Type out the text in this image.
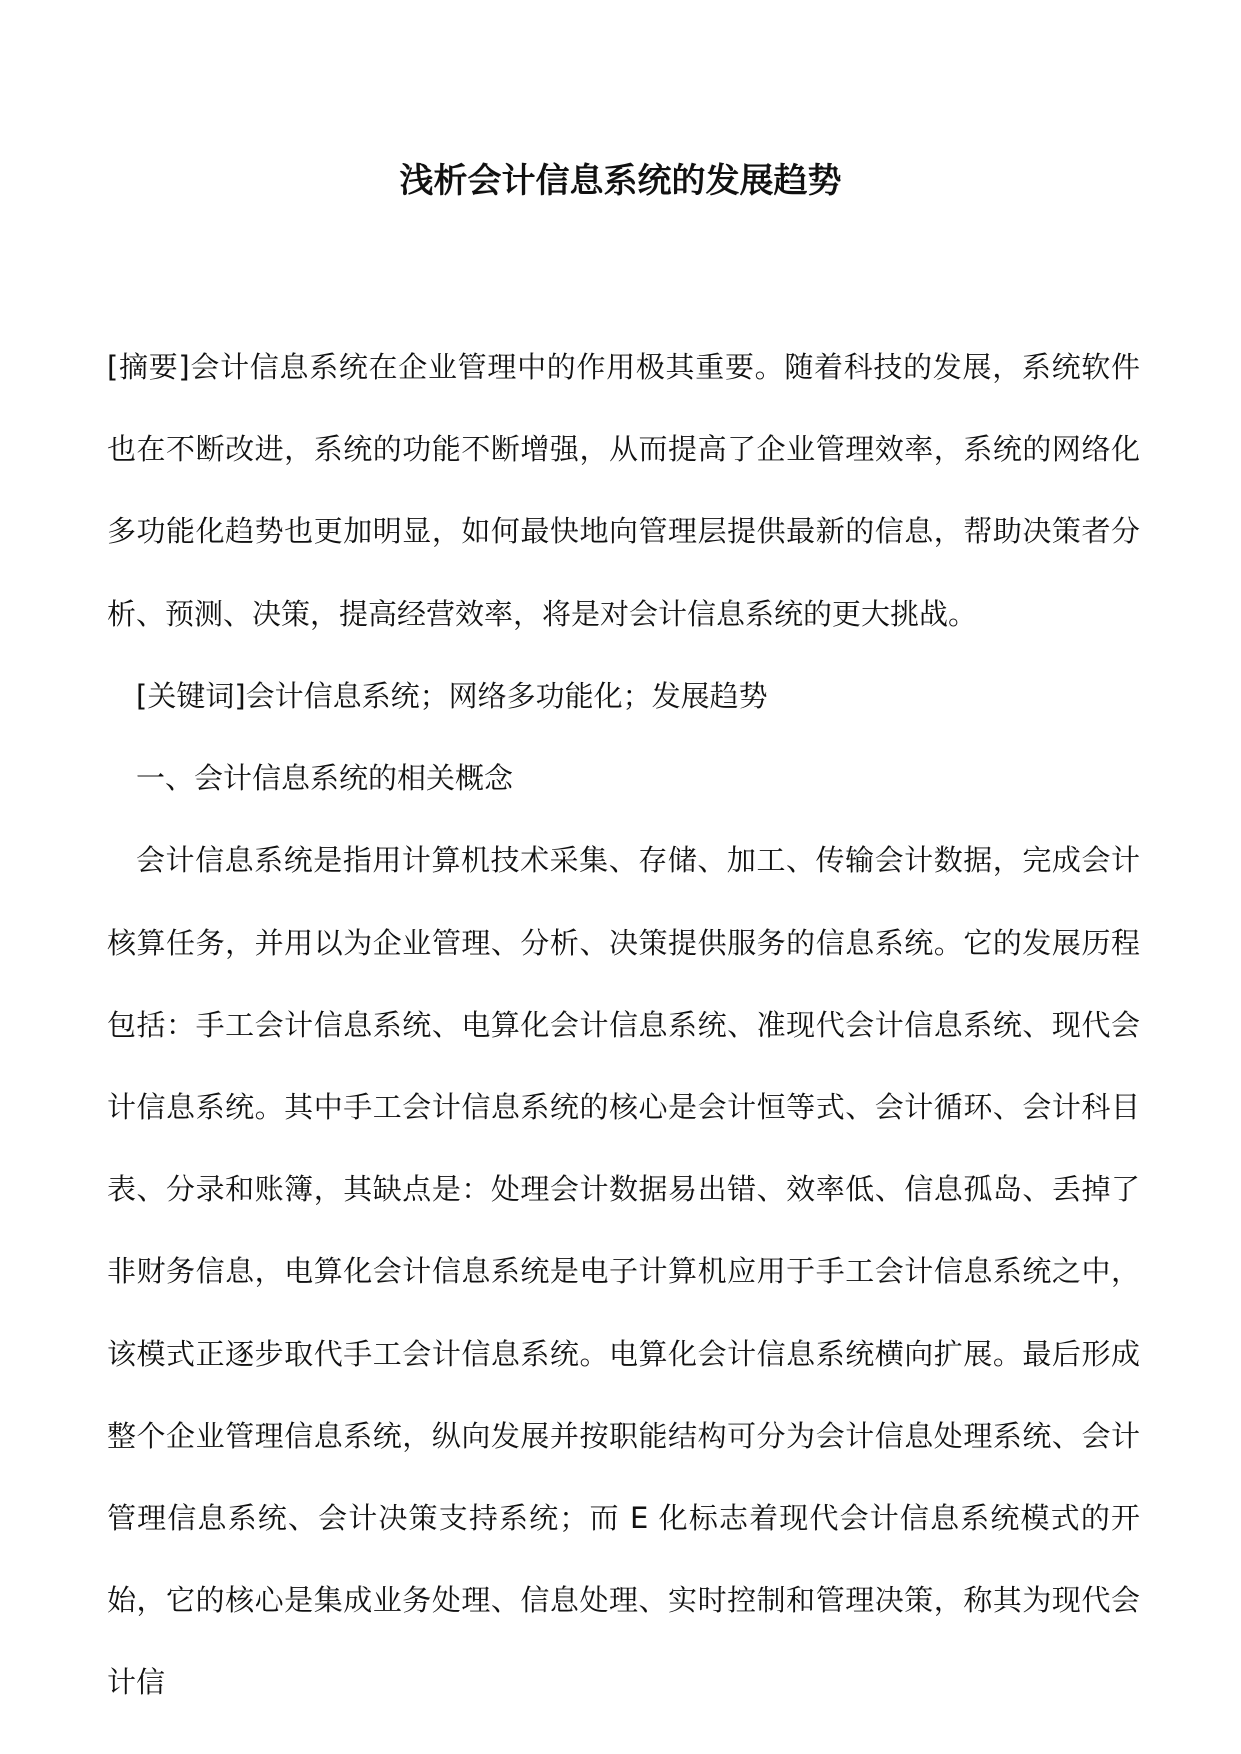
浅析会计信息系统的发展趋势

[摘要]会计信息系统在企业管理中的作用极其重要。随着科技的发展，系统软件也在不断改进，系统的功能不断增强，从而提高了企业管理效率，系统的网络化多功能化趋势也更加明显，如何最快地向管理层提供最新的信息，帮助决策者分析、预测、决策，提高经营效率，将是对会计信息系统的更大挑战。

[关键词]会计信息系统；网络多功能化；发展趋势

一、会计信息系统的相关概念

会计信息系统是指用计算机技术采集、存储、加工、传输会计数据，完成会计核算任务，并用以为企业管理、分析、决策提供服务的信息系统。它的发展历程包括：手工会计信息系统、电算化会计信息系统、准现代会计信息系统、现代会计信息系统。其中手工会计信息系统的核心是会计恒等式、会计循环、会计科目表、分录和账簿，其缺点是：处理会计数据易出错、效率低、信息孤岛、丢掉了非财务信息，电算化会计信息系统是电子计算机应用于手工会计信息系统之中，该模式正逐步取代手工会计信息系统。电算化会计信息系统横向扩展。最后形成整个企业管理信息系统，纵向发展并按职能结构可分为会计信息处理系统、会计管理信息系统、会计决策支持系统；而 E 化标志着现代会计信息系统模式的开始，它的核心是集成业务处理、信息处理、实时控制和管理决策，称其为现代会计信
